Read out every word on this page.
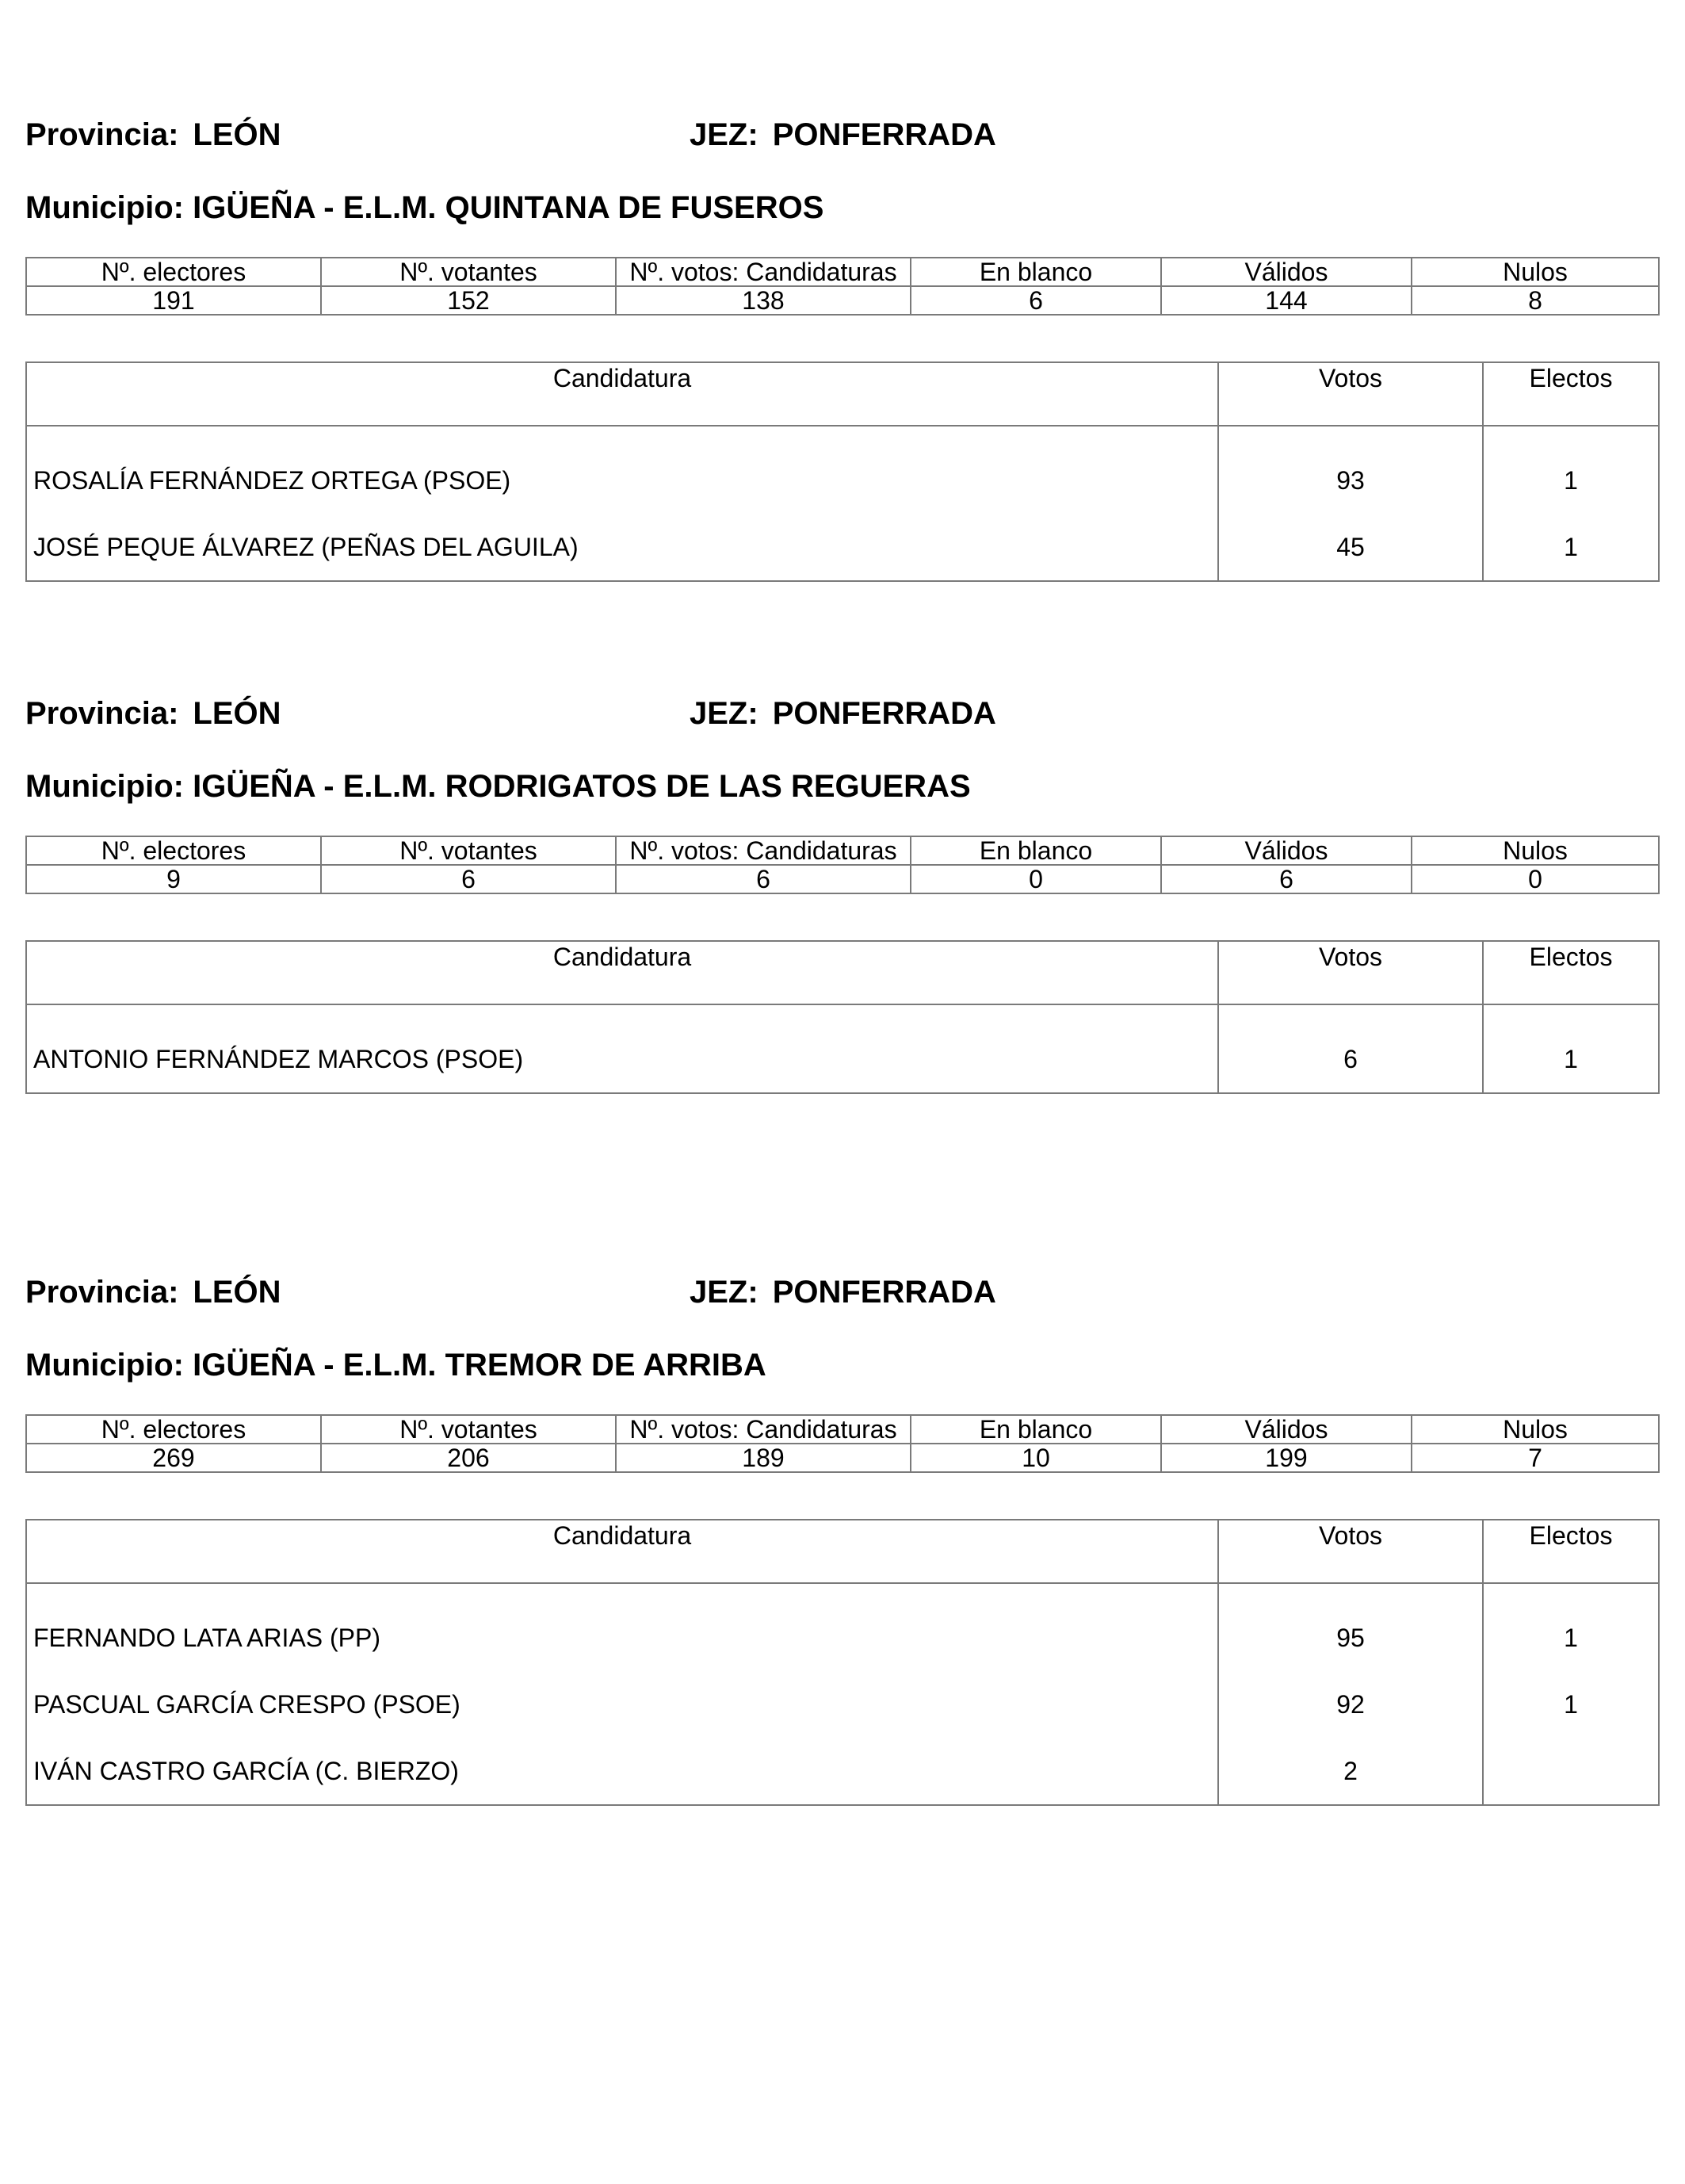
Provincia: LEÓN	JEZ: PONFERRADA
Municipio: IGÜEÑA - E.L.M. QUINTANA DE FUSEROS
Nº. electores	Nº. votantes	Nº. votos: Candidaturas	En blanco	Válidos	Nulos
191	152	138	6	144	8
Candidatura	Votos	Electos
ROSALÍA FERNÁNDEZ ORTEGA (PSOE)	93	1
JOSÉ PEQUE ÁLVAREZ (PEÑAS DEL AGUILA)	45	1
Provincia: LEÓN	JEZ: PONFERRADA
Municipio: IGÜEÑA - E.L.M. RODRIGATOS DE LAS REGUERAS
Nº. electores	Nº. votantes	Nº. votos: Candidaturas	En blanco	Válidos	Nulos
9	6	6	0	6	0
Candidatura	Votos	Electos
ANTONIO FERNÁNDEZ MARCOS (PSOE)	6	1
Provincia: LEÓN	JEZ: PONFERRADA
Municipio: IGÜEÑA - E.L.M. TREMOR DE ARRIBA
Nº. electores	Nº. votantes	Nº. votos: Candidaturas	En blanco	Válidos	Nulos
269	206	189	10	199	7
Candidatura	Votos	Electos
FERNANDO LATA ARIAS (PP)	95	1
PASCUAL GARCÍA CRESPO (PSOE)	92	1
IVÁN CASTRO GARCÍA (C. BIERZO)	2	
